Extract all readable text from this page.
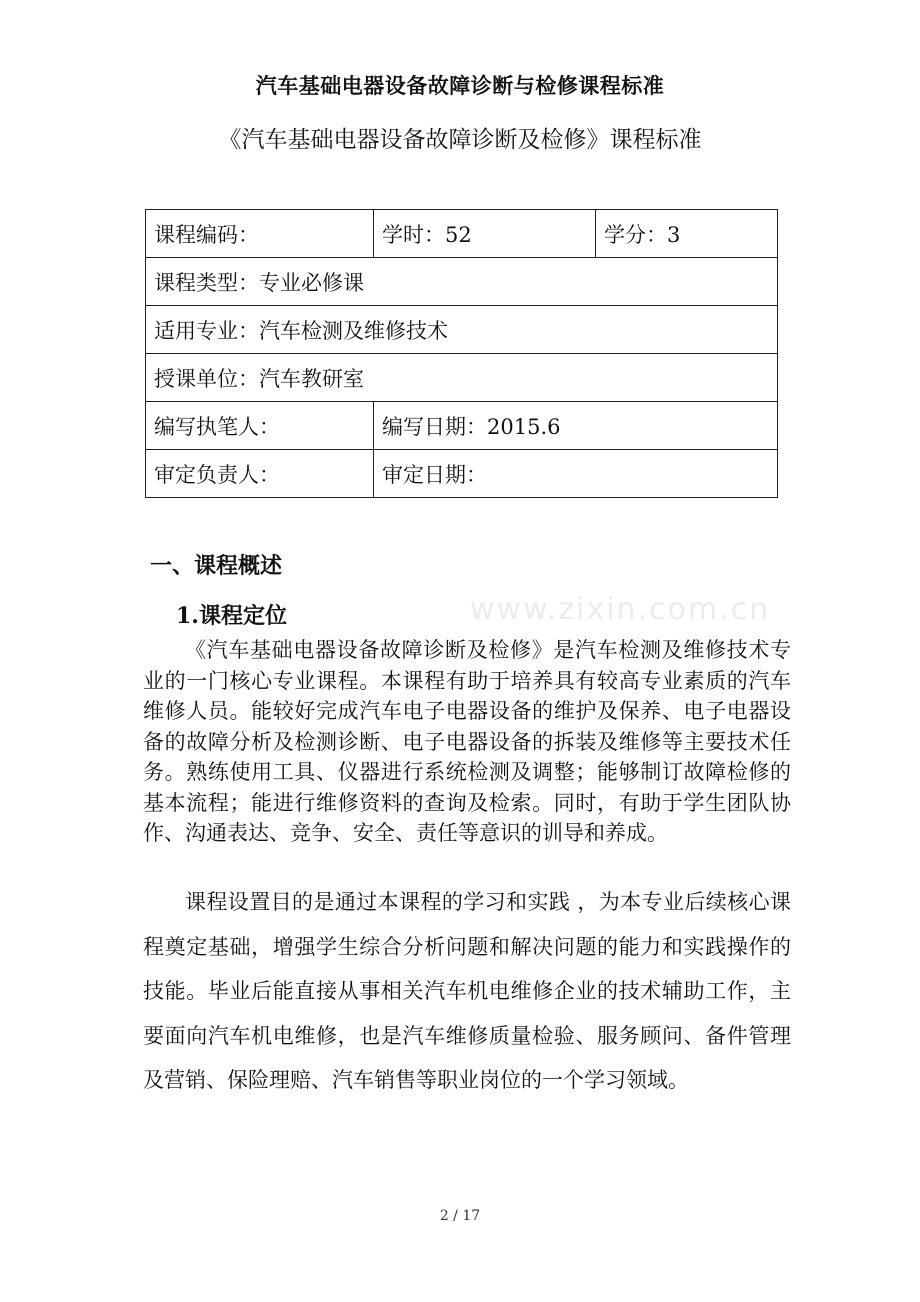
汽车基础电器设备故障诊断与检修课程标准
《汽车基础电器设备故障诊断及检修》课程标准
课程编码：	学时：52	学分：3
课程类型：专业必修课		
适用专业：汽车检测及维修技术		
授课单位：汽车教研室		
编写执笔人：	编写日期：2015.6	
审定负责人：	审定日期：	
一、课程概述
www.zixin.com.cn
1.课程定位

《汽车基础电器设备故障诊断及检修》是汽车检测及维修技术专业的一门核心专业课程。本课程有助于培养具有较高专业素质的汽车维修人员。能较好完成汽车电子电器设备的维护及保养、电子电器设备的故障分析及检测诊断、电子电器设备的拆装及维修等主要技术任务。熟练使用工具、仪器进行系统检测及调整；能够制订故障检修的基本流程；能进行维修资料的查询及检索。同时，有助于学生团队协作、沟通表达、竞争、安全、责任等意识的训导和养成。

课程设置目的是通过本课程的学习和实践 ，为本专业后续核心课程奠定基础，增强学生综合分析问题和解决问题的能力和实践操作的技能。毕业后能直接从事相关汽车机电维修企业的技术辅助工作，主要面向汽车机电维修，也是汽车维修质量检验、服务顾问、备件管理及营销、保险理赔、汽车销售等职业岗位的一个学习领域。

2 / 17
